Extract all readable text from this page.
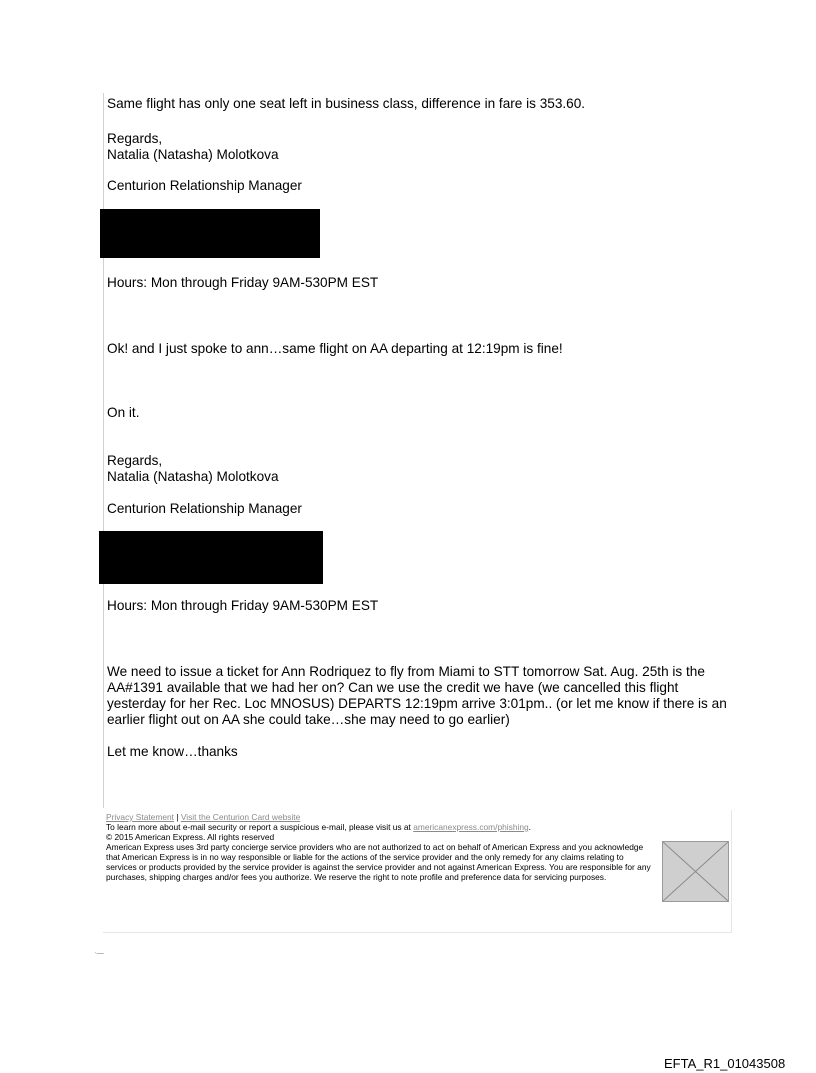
Same flight has only one seat left in business class, difference in fare is 353.60.
Regards,
Natalia (Natasha) Molotkova
Centurion Relationship Manager
Hours: Mon through Friday 9AM-530PM EST
Ok! and I just spoke to ann…same flight on AA departing at 12:19pm is fine!
On it.
Regards,
Natalia (Natasha) Molotkova
Centurion Relationship Manager
Hours: Mon through Friday 9AM-530PM EST
We need to issue a ticket for Ann Rodriquez to fly from Miami to STT tomorrow Sat. Aug. 25th is the AA#1391 available that we had her on? Can we use the credit we have (we cancelled this flight yesterday for her Rec. Loc MNOSUS) DEPARTS 12:19pm arrive 3:01pm.. (or let me know if there is an earlier flight out on AA she could take…she may need to go earlier)
Let me know…thanks
Privacy Statement | Visit the Centurion Card website
To learn more about e-mail security or report a suspicious e-mail, please visit us at americanexpress.com/phishing.
© 2015 American Express. All rights reserved
American Express uses 3rd party concierge service providers who are not authorized to act on behalf of American Express and you acknowledge that American Express is in no way responsible or liable for the actions of the service provider and the only remedy for any claims relating to services or products provided by the service provider is against the service provider and not against American Express. You are responsible for any purchases, shipping charges and/or fees you authorize. We reserve the right to note profile and preference data for servicing purposes.
ˎ__
EFTA_R1_01043508
